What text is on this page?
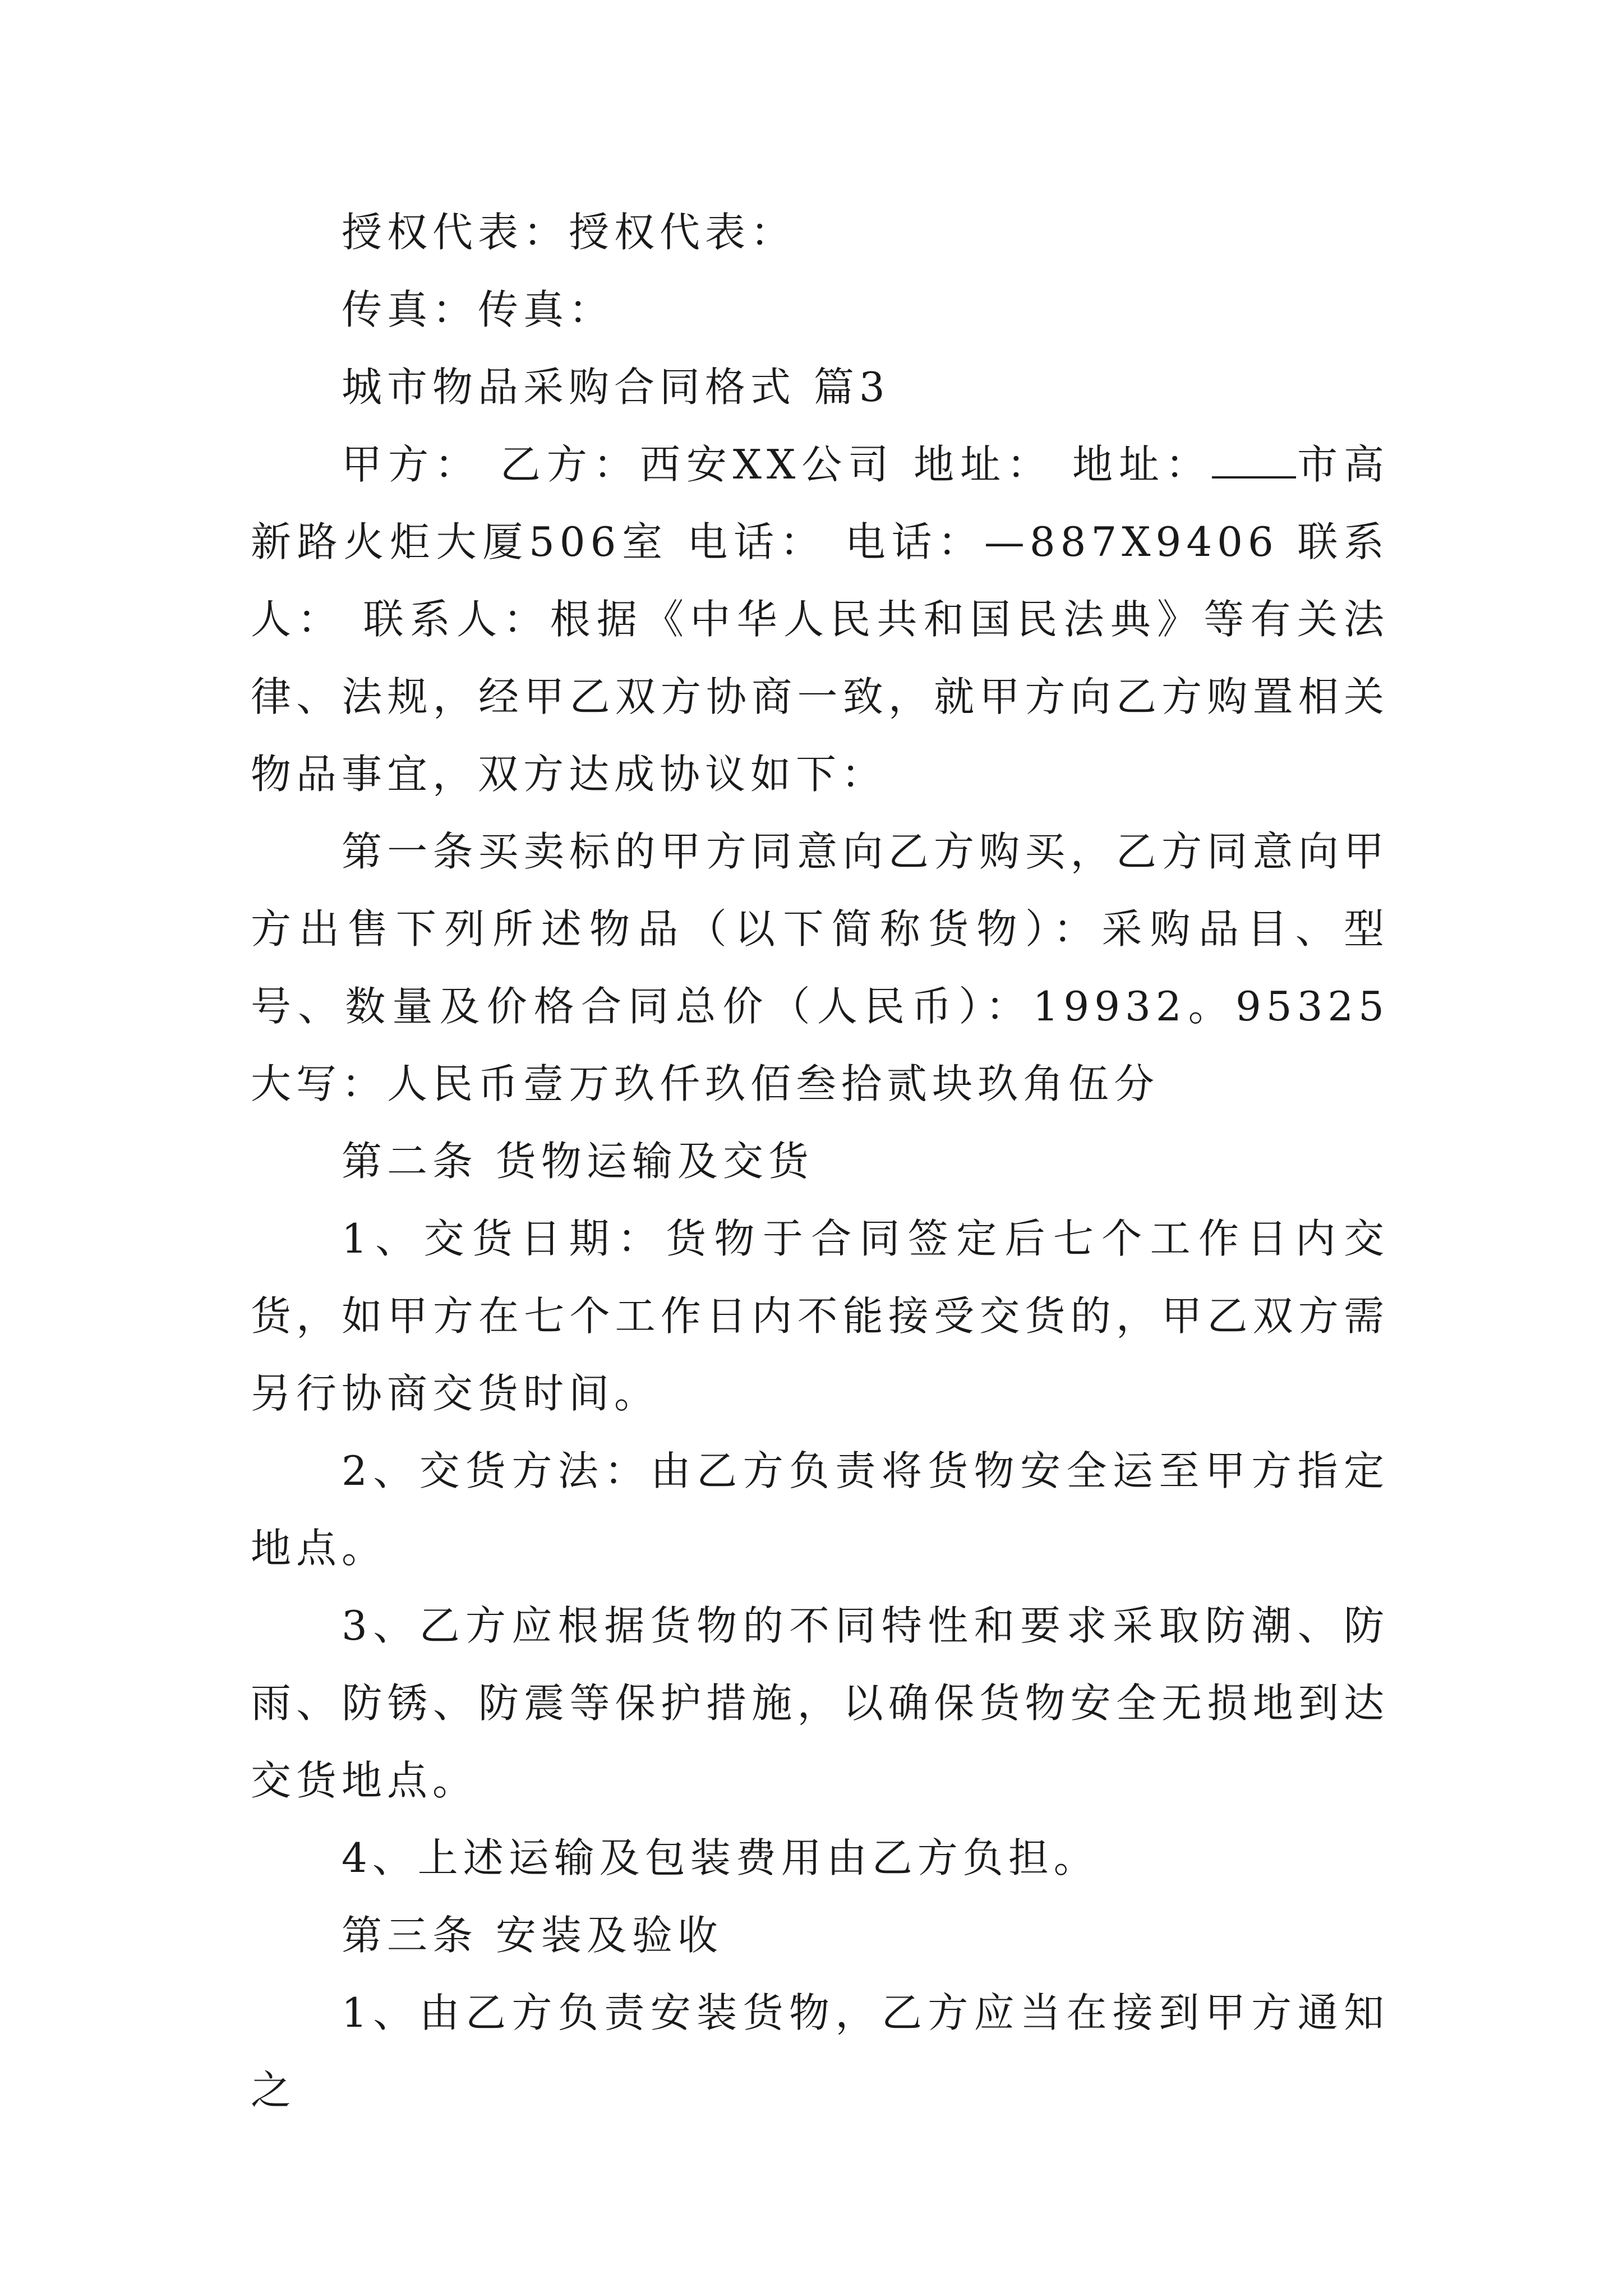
授权代表：授权代表：

传真：传真：

城市物品采购合同格式 篇3

甲方： 乙方：西安XX公司 地址： 地址： 市高新路火炬大厦506室 电话： 电话：—887X9406 联系人： 联系人：根据《中华人民共和国民法典》等有关法律、法规，经甲乙双方协商一致，就甲方向乙方购置相关物品事宜，双方达成协议如下：

第一条买卖标的甲方同意向乙方购买，乙方同意向甲方出售下列所述物品（以下简称货物）：采购品目、型号、数量及价格合同总价（人民币）：19932。95325大写：人民币壹万玖仟玖佰叁拾贰块玖角伍分

第二条 货物运输及交货

1、交货日期：货物于合同签定后七个工作日内交货，如甲方在七个工作日内不能接受交货的，甲乙双方需另行协商交货时间。

2、交货方法：由乙方负责将货物安全运至甲方指定地点。

3、乙方应根据货物的不同特性和要求采取防潮、防雨、防锈、防震等保护措施，以确保货物安全无损地到达交货地点。

4、上述运输及包装费用由乙方负担。

第三条 安装及验收

1、由乙方负责安装货物，乙方应当在接到甲方通知之
